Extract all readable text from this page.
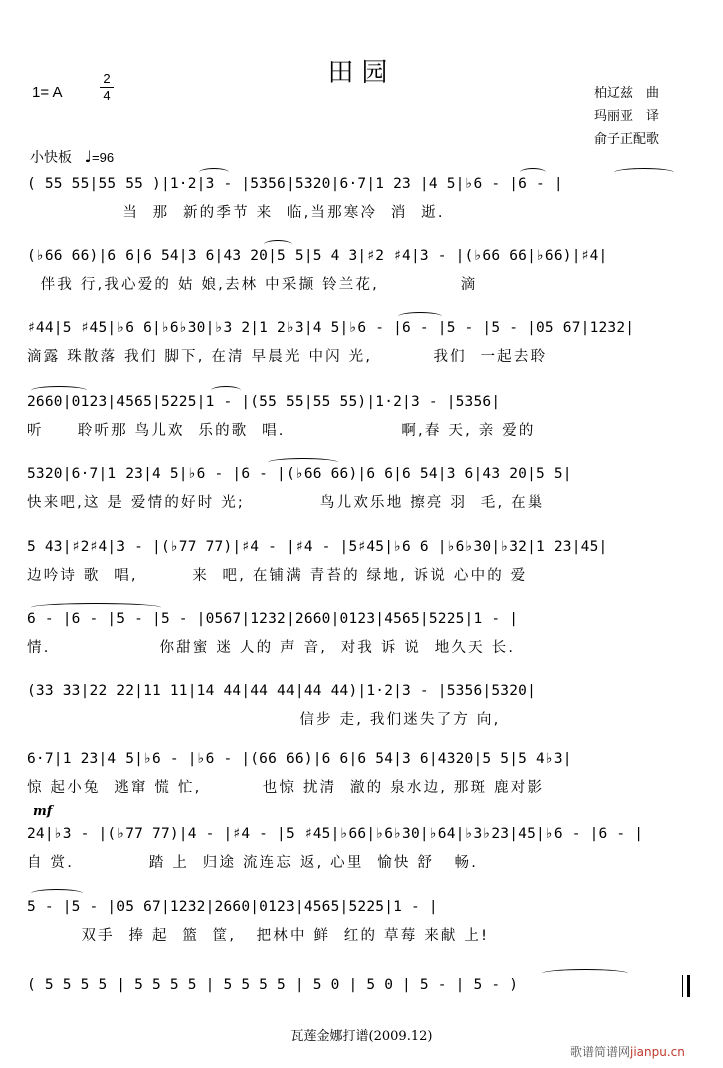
田园
1= A
2
4	柏辽兹　曲
玛丽亚　译
俞子正配歌
小快板 ♩=96
mf
( 55 55|55 55 )|1·2|3 - |5356|5320|6·7|1 23 |4 5|♭6 - |6 - |
当  那  新的季节 来  临,当那寒冷  消  逝.
(♭66 66)|6 6|6 54|3 6|43 20|5 5|5 4 3|♯2 ♯4|3 - |(♭66 66|♭66)|♯4|
伴我 行,我心爱的 姑 娘,去林 中采撷 铃兰花,            滴
♯44|5 ♯45|♭6 6|♭6♭30|♭3 2|1 2♭3|4 5|♭6 - |6 - |5 - |5 - |05 67|1232|
滴露 珠散落 我们 脚下, 在清 早晨光 中闪 光,         我们  一起去聆
2660|0123|4565|5225|1 - |(55 55|55 55)|1·2|3 - |5356|
听     聆听那 鸟儿欢  乐的歌  唱.                 啊,春 天, 亲 爱的
5320|6·7|1 23|4 5|♭6 - |6 - |(♭66 66)|6 6|6 54|3 6|43 20|5 5|
快来吧,这 是 爱情的好时 光;           鸟儿欢乐地 擦亮 羽  毛, 在巢
5 43|♯2♯4|3 - |(♭77 77)|♯4 - |♯4 - |5♯45|♭6 6 |♭6♭30|♭32|1 23|45|
边吟诗 歌  唱,        来  吧, 在铺满 青苔的 绿地, 诉说 心中的 爱
6 - |6 - |5 - |5 - |0567|1232|2660|0123|4565|5225|1 - |
情.                你甜蜜 迷 人的 声 音,  对我 诉 说  地久天 长.
(33 33|22 22|11 11|14 44|44 44|44 44)|1·2|3 - |5356|5320|
信步 走, 我们迷失了方 向,
6·7|1 23|4 5|♭6 - |♭6 - |(66 66)|6 6|6 54|3 6|4320|5 5|5 4♭3|
惊 起小兔  逃窜 慌 忙,         也惊 扰清  澈的 泉水边, 那斑 鹿对影
24|♭3 - |(♭77 77)|4 - |♯4 - |5 ♯45|♭66|♭6♭30|♭64|♭3♭23|45|♭6 - |6 - |
自 赏.           踏 上  归途 流连忘 返, 心里  愉快 舒   畅.
5 - |5 - |05 67|1232|2660|0123|4565|5225|1 - |
双手  捧 起  篮  筐,   把林中 鲜  红的 草莓 来献 上!
( 5 5 5 5 | 5 5 5 5 | 5 5 5 5 | 5 0 | 5 0 | 5 - | 5 - )
瓦莲金娜打谱(2009.12)
歌谱简谱网jianpu.cn
